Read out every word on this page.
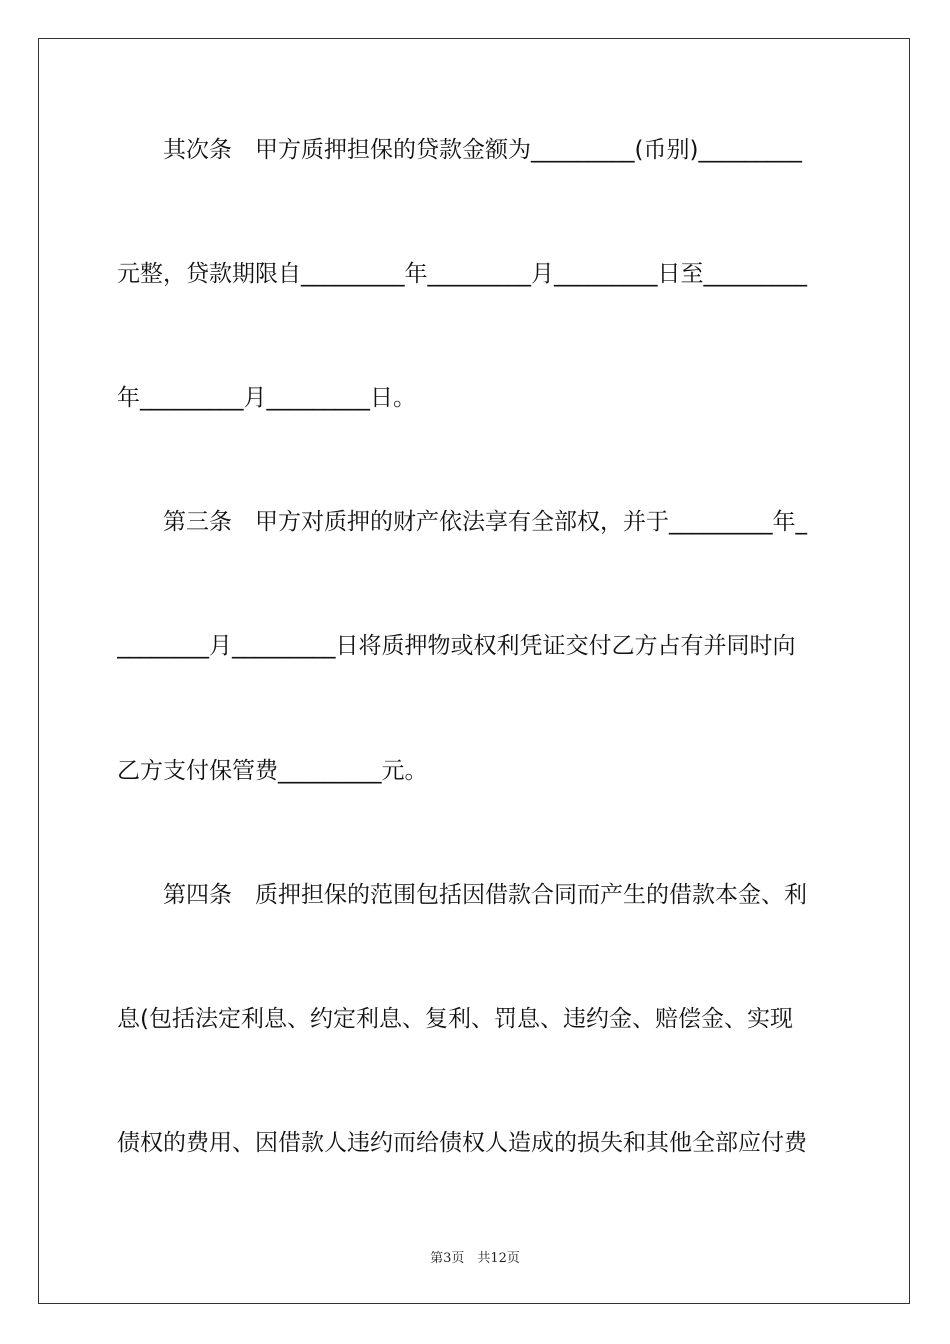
　　其次条　甲方质押担保的贷款金额为_________(币别)_________
元整，贷款期限自_________年_________月_________日至_________
年_________月_________日。
　　第三条　甲方对质押的财产依法享有全部权，并于_________年_
________月_________日将质押物或权利凭证交付乙方占有并同时向
乙方支付保管费_________元。
　　第四条　质押担保的范围包括因借款合同而产生的借款本金、利
息(包括法定利息、约定利息、复利、罚息、违约金、赔偿金、实现
债权的费用、因借款人违约而给债权人造成的损失和其他全部应付费
第3页　共12页
